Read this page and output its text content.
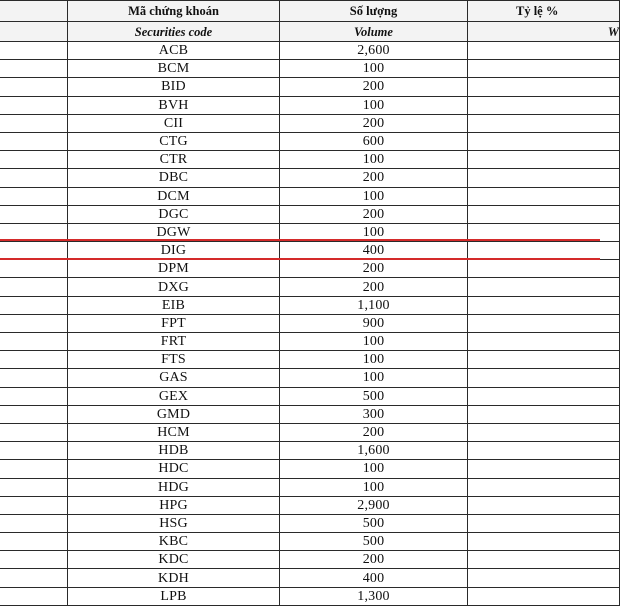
	Mã chứng khoán	Số lượng	Tỷ lệ %
	Securities code	Volume	W
	ACB	2,600	
	BCM	100	
	BID	200	
	BVH	100	
	CII	200	
	CTG	600	
	CTR	100	
	DBC	200	
	DCM	100	
	DGC	200	
	DGW	100	
	DIG	400	
	DPM	200	
	DXG	200	
	EIB	1,100	
	FPT	900	
	FRT	100	
	FTS	100	
	GAS	100	
	GEX	500	
	GMD	300	
	HCM	200	
	HDB	1,600	
	HDC	100	
	HDG	100	
	HPG	2,900	
	HSG	500	
	KBC	500	
	KDC	200	
	KDH	400	
	LPB	1,300	
